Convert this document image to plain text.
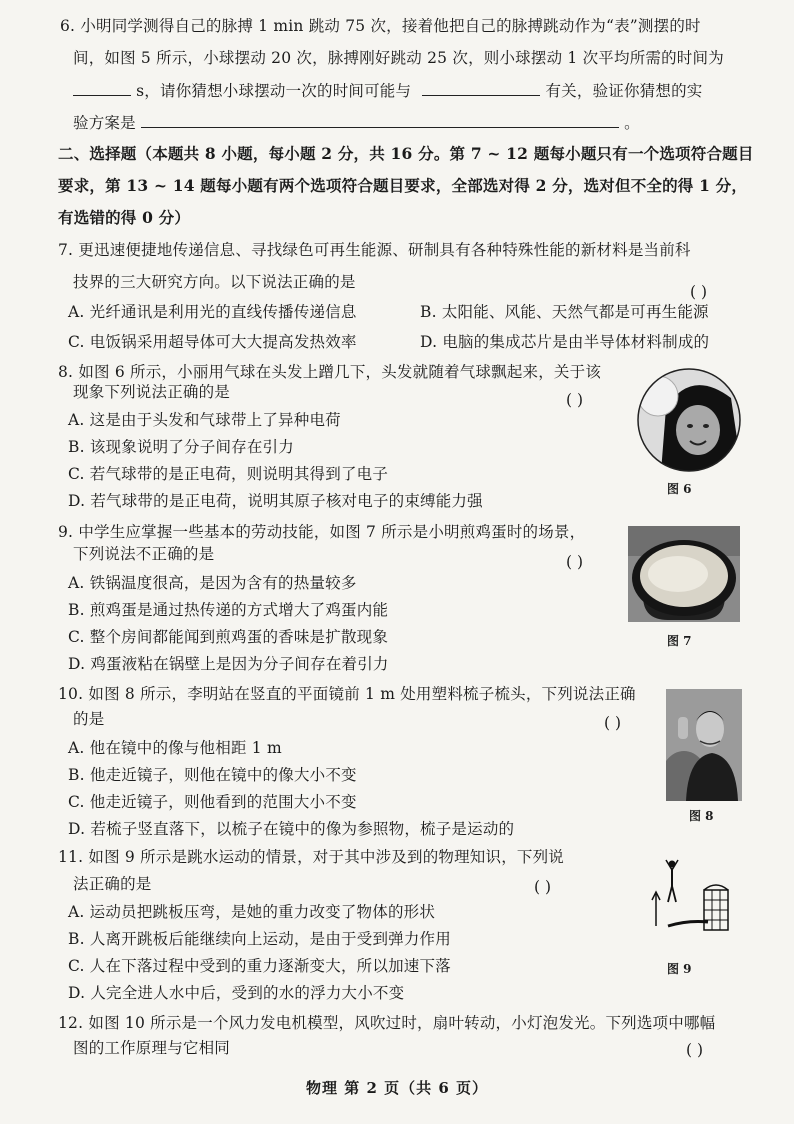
6. 小明同学测得自己的脉搏 1 min 跳动 75 次，接着他把自己的脉搏跳动作为“表”测摆的时
间，如图 5 所示，小球摆动 20 次，脉搏刚好跳动 25 次，则小球摆动 1 次平均所需的时间为
s，请你猜想小球摆动一次的时间可能与	有关，验证你猜想的实
验方案是	。
二、选择题（本题共 8 小题，每小题 2 分，共 16 分。第 7 ~ 12 题每小题只有一个选项符合题目
要求，第 13 ~ 14 题每小题有两个选项符合题目要求，全部选对得 2 分，选对但不全的得 1 分，
有选错的得 0 分）
7. 更迅速便捷地传递信息、寻找绿色可再生能源、研制具有各种特殊性能的新材料是当前科
技界的三大研究方向。以下说法正确的是
( )
A. 光纤通讯是利用光的直线传播传递信息	B. 太阳能、风能、天然气都是可再生能源
C. 电饭锅采用超导体可大大提高发热效率	D. 电脑的集成芯片是由半导体材料制成的
8. 如图 6 所示，小丽用气球在头发上蹭几下，头发就随着气球飘起来，关于该
现象下列说法正确的是	( )
A. 这是由于头发和气球带上了异种电荷
B. 该现象说明了分子间存在引力
C. 若气球带的是正电荷，则说明其得到了电子
D. 若气球带的是正电荷，说明其原子核对电子的束缚能力强
图 6
9. 中学生应掌握一些基本的劳动技能，如图 7 所示是小明煎鸡蛋时的场景，
下列说法不正确的是	( )
A. 铁锅温度很高，是因为含有的热量较多
B. 煎鸡蛋是通过热传递的方式增大了鸡蛋内能
C. 整个房间都能闻到煎鸡蛋的香味是扩散现象
D. 鸡蛋液粘在锅壁上是因为分子间存在着引力
图 7
10. 如图 8 所示，李明站在竖直的平面镜前 1 m 处用塑料梳子梳头，下列说法正确
的是	( )
A. 他在镜中的像与他相距 1 m
B. 他走近镜子，则他在镜中的像大小不变
C. 他走近镜子，则他看到的范围大小不变
D. 若梳子竖直落下，以梳子在镜中的像为参照物，梳子是运动的
图 8
11. 如图 9 所示是跳水运动的情景，对于其中涉及到的物理知识，下列说
法正确的是	( )
A. 运动员把跳板压弯，是她的重力改变了物体的形状
B. 人离开跳板后能继续向上运动，是由于受到弹力作用
C. 人在下落过程中受到的重力逐渐变大，所以加速下落
D. 人完全进人水中后，受到的水的浮力大小不变
图 9
12. 如图 10 所示是一个风力发电机模型，风吹过时，扇叶转动，小灯泡发光。下列选项中哪幅
图的工作原理与它相同	( )
物理 第 2 页（共 6 页）
